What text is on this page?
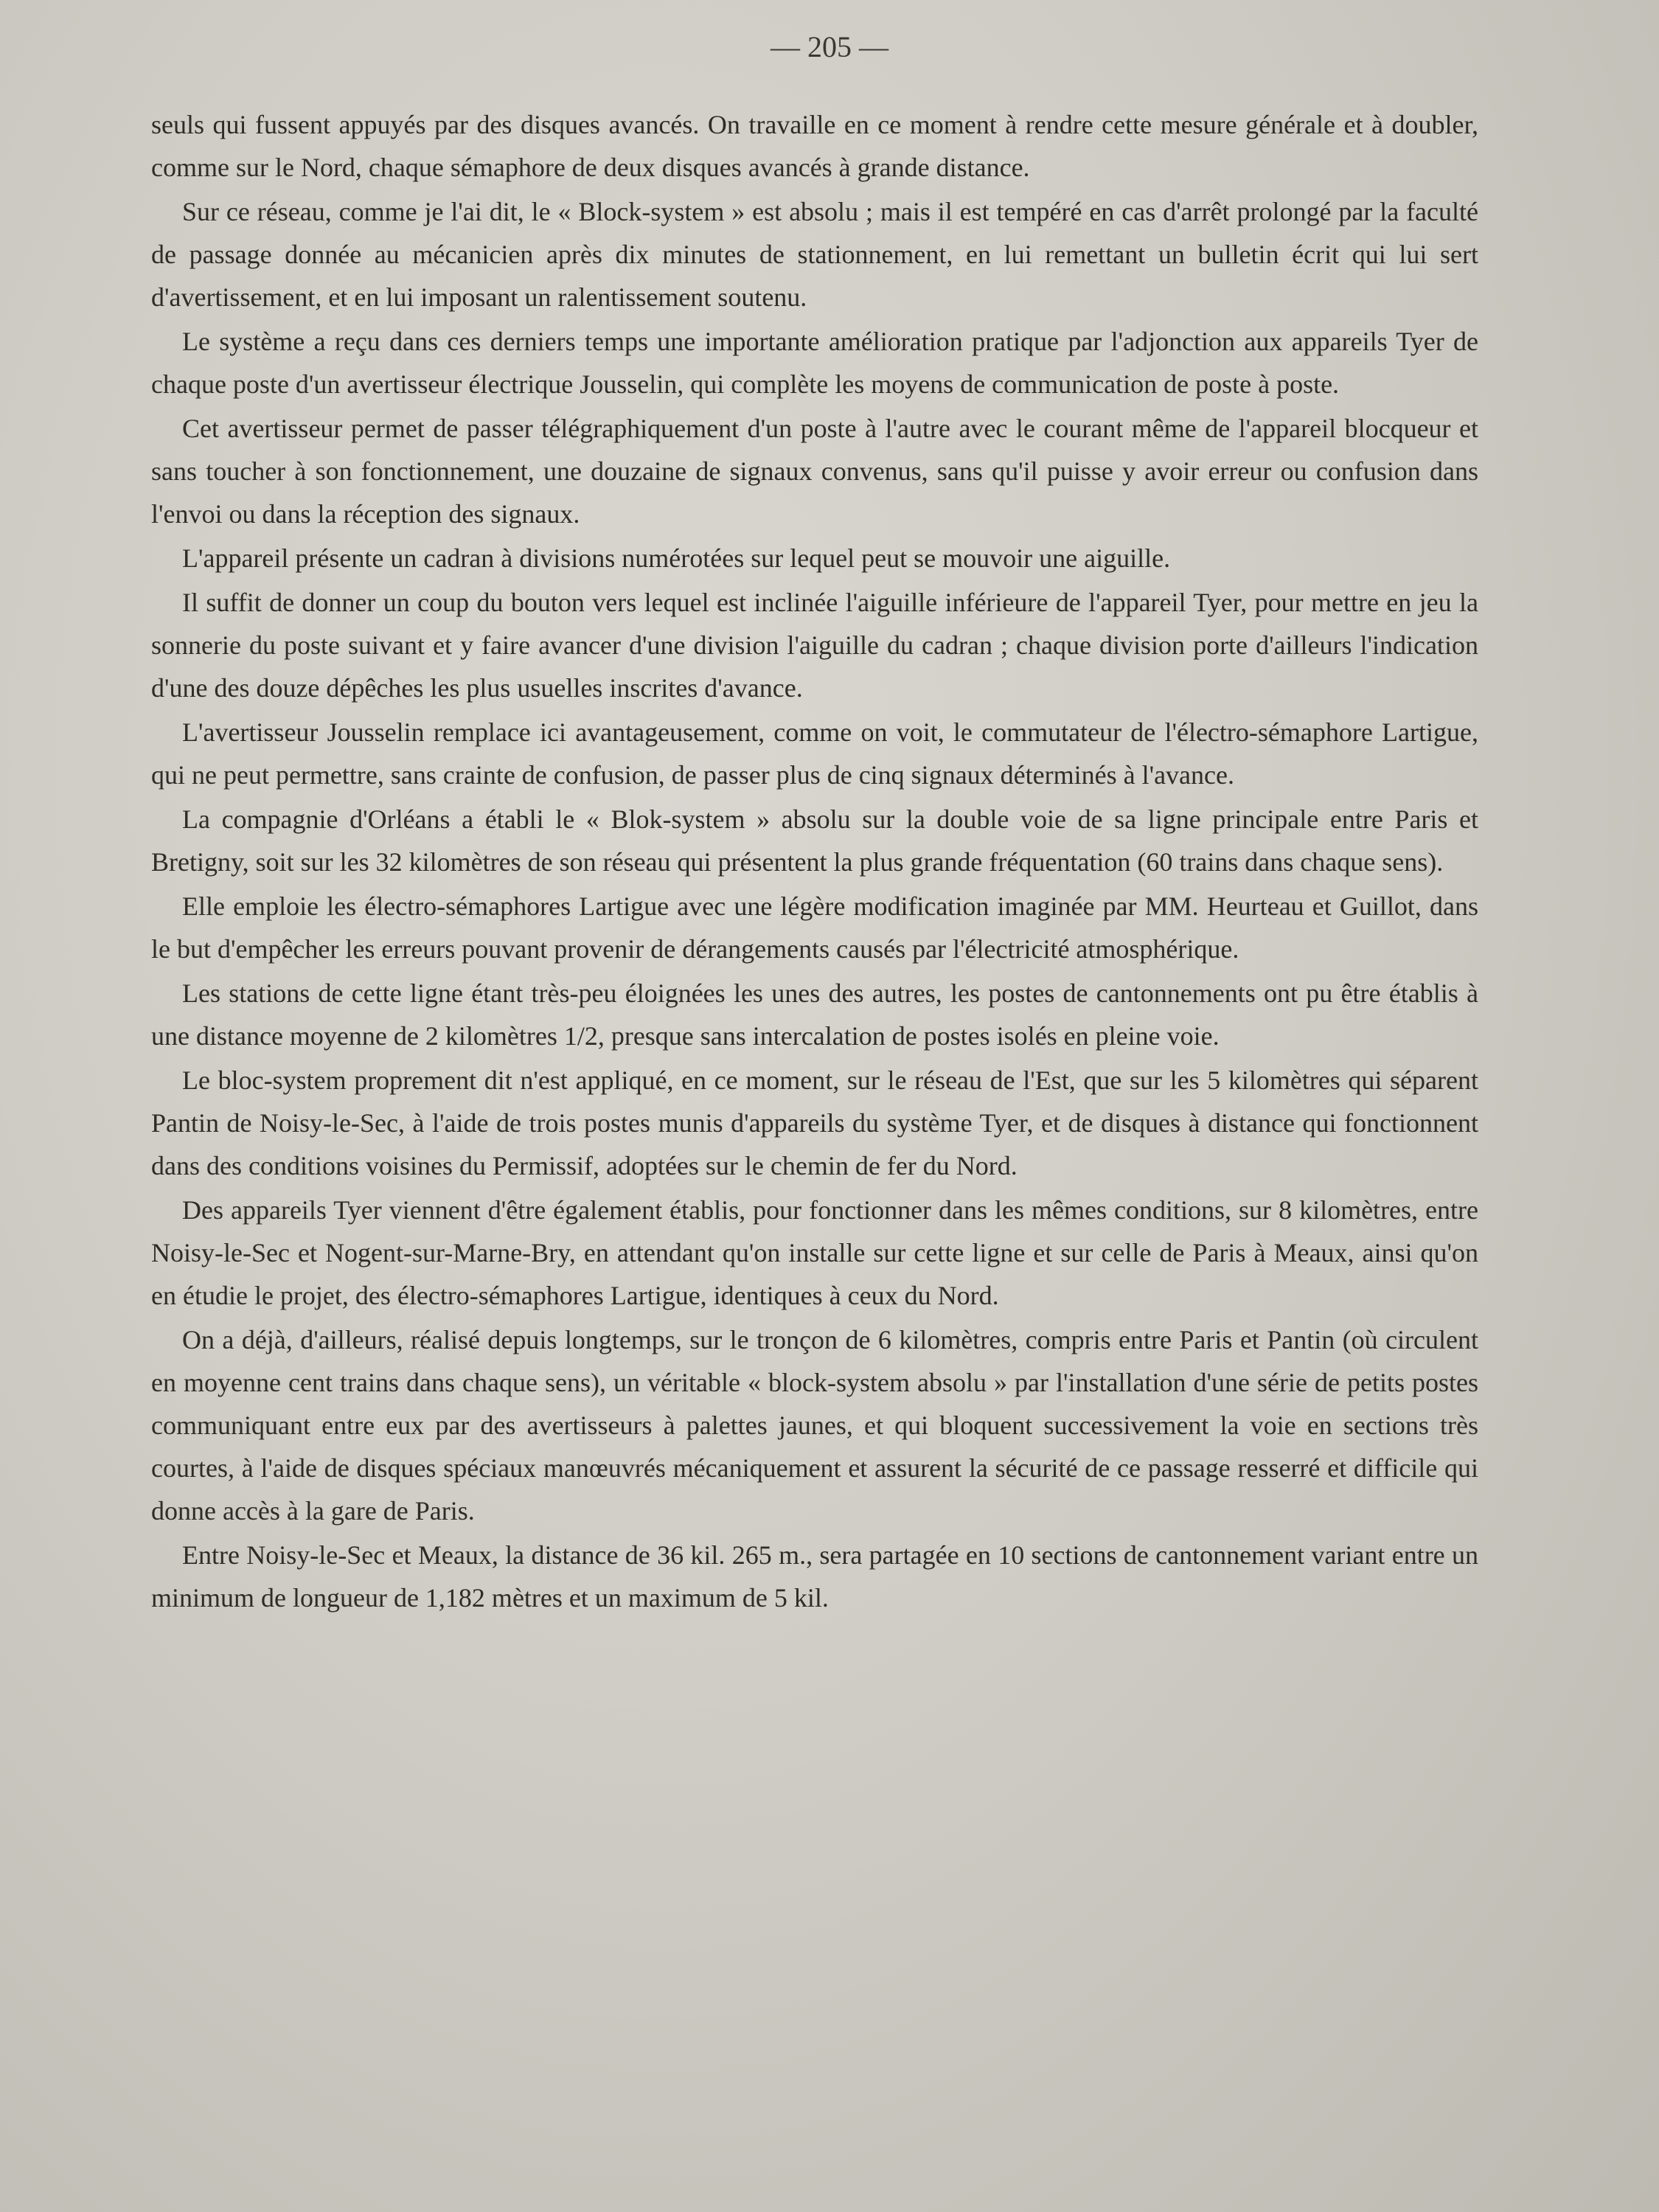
— 205 —

seuls qui fussent appuyés par des disques avancés. On travaille en ce moment à rendre cette mesure générale et à doubler, comme sur le Nord, chaque sémaphore de deux disques avancés à grande distance.

Sur ce réseau, comme je l'ai dit, le « Block-system » est absolu ; mais il est tempéré en cas d'arrêt prolongé par la faculté de passage donnée au mécanicien après dix minutes de stationnement, en lui remettant un bulletin écrit qui lui sert d'avertissement, et en lui imposant un ralentissement soutenu.

Le système a reçu dans ces derniers temps une importante amélioration pratique par l'adjonction aux appareils Tyer de chaque poste d'un avertisseur électrique Jousselin, qui complète les moyens de communication de poste à poste.

Cet avertisseur permet de passer télégraphiquement d'un poste à l'autre avec le courant même de l'appareil blocqueur et sans toucher à son fonctionnement, une douzaine de signaux convenus, sans qu'il puisse y avoir erreur ou confusion dans l'envoi ou dans la réception des signaux.

L'appareil présente un cadran à divisions numérotées sur lequel peut se mouvoir une aiguille.

Il suffit de donner un coup du bouton vers lequel est inclinée l'aiguille inférieure de l'appareil Tyer, pour mettre en jeu la sonnerie du poste suivant et y faire avancer d'une division l'aiguille du cadran ; chaque division porte d'ailleurs l'indication d'une des douze dépêches les plus usuelles inscrites d'avance.

L'avertisseur Jousselin remplace ici avantageusement, comme on voit, le commutateur de l'électro-sémaphore Lartigue, qui ne peut permettre, sans crainte de confusion, de passer plus de cinq signaux déterminés à l'avance.

La compagnie d'Orléans a établi le « Blok-system » absolu sur la double voie de sa ligne principale entre Paris et Bretigny, soit sur les 32 kilomètres de son réseau qui présentent la plus grande fréquentation (60 trains dans chaque sens).

Elle emploie les électro-sémaphores Lartigue avec une légère modification imaginée par MM. Heurteau et Guillot, dans le but d'empêcher les erreurs pouvant provenir de dérangements causés par l'électricité atmosphérique.

Les stations de cette ligne étant très-peu éloignées les unes des autres, les postes de cantonnements ont pu être établis à une distance moyenne de 2 kilomètres 1/2, presque sans intercalation de postes isolés en pleine voie.

Le bloc-system proprement dit n'est appliqué, en ce moment, sur le réseau de l'Est, que sur les 5 kilomètres qui séparent Pantin de Noisy-le-Sec, à l'aide de trois postes munis d'appareils du système Tyer, et de disques à distance qui fonctionnent dans des conditions voisines du Permissif, adoptées sur le chemin de fer du Nord.

Des appareils Tyer viennent d'être également établis, pour fonctionner dans les mêmes conditions, sur 8 kilomètres, entre Noisy-le-Sec et Nogent-sur-Marne-Bry, en attendant qu'on installe sur cette ligne et sur celle de Paris à Meaux, ainsi qu'on en étudie le projet, des électro-sémaphores Lartigue, identiques à ceux du Nord.

On a déjà, d'ailleurs, réalisé depuis longtemps, sur le tronçon de 6 kilomètres, compris entre Paris et Pantin (où circulent en moyenne cent trains dans chaque sens), un véritable « block-system absolu » par l'installation d'une série de petits postes communiquant entre eux par des avertisseurs à palettes jaunes, et qui bloquent successivement la voie en sections très courtes, à l'aide de disques spéciaux manœuvrés mécaniquement et assurent la sécurité de ce passage resserré et difficile qui donne accès à la gare de Paris.

Entre Noisy-le-Sec et Meaux, la distance de 36 kil. 265 m., sera partagée en 10 sections de cantonnement variant entre un minimum de longueur de 1,182 mètres et un maximum de 5 kil.
